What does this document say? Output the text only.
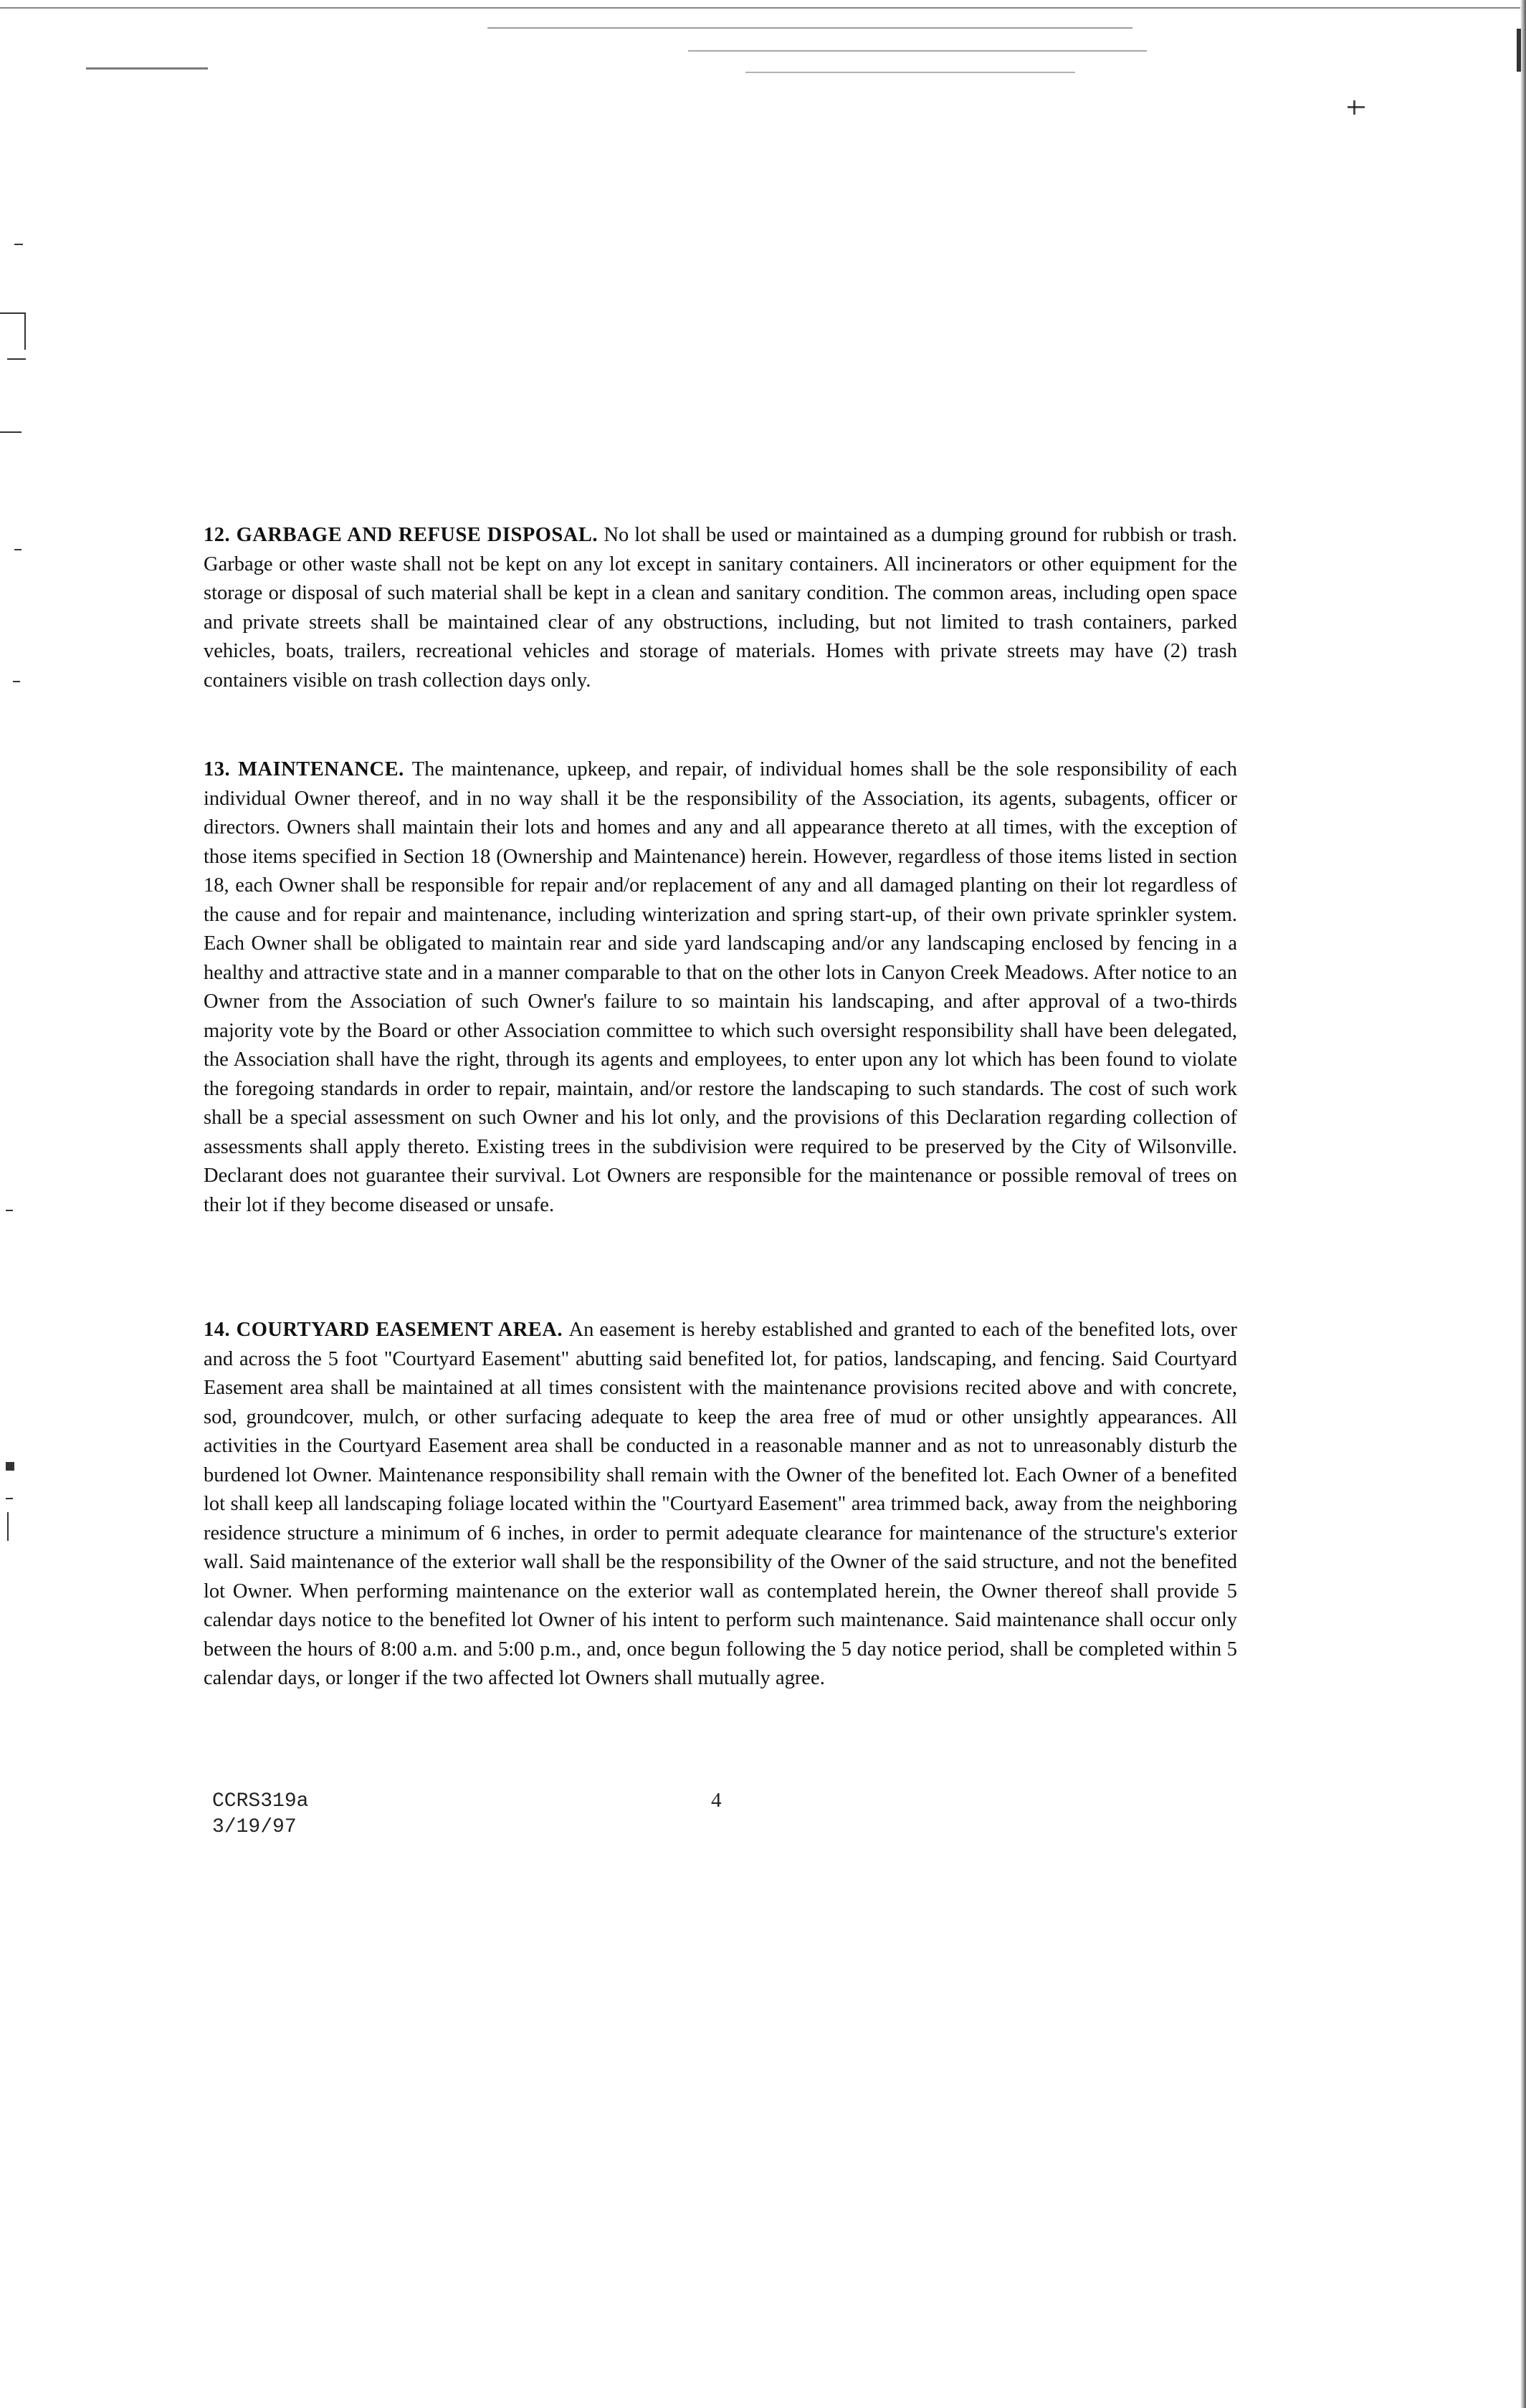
12. GARBAGE AND REFUSE DISPOSAL. No lot shall be used or maintained as a dumping ground for rubbish or trash. Garbage or other waste shall not be kept on any lot except in sanitary containers. All incinerators or other equipment for the storage or disposal of such material shall be kept in a clean and sanitary condition. The common areas, including open space and private streets shall be maintained clear of any obstructions, including, but not limited to trash containers, parked vehicles, boats, trailers, recreational vehicles and storage of materials. Homes with private streets may have (2) trash containers visible on trash collection days only.
13. MAINTENANCE. The maintenance, upkeep, and repair, of individual homes shall be the sole responsibility of each individual Owner thereof, and in no way shall it be the responsibility of the Association, its agents, subagents, officer or directors. Owners shall maintain their lots and homes and any and all appearance thereto at all times, with the exception of those items specified in Section 18 (Ownership and Maintenance) herein. However, regardless of those items listed in section 18, each Owner shall be responsible for repair and/or replacement of any and all damaged planting on their lot regardless of the cause and for repair and maintenance, including winterization and spring start-up, of their own private sprinkler system. Each Owner shall be obligated to maintain rear and side yard landscaping and/or any landscaping enclosed by fencing in a healthy and attractive state and in a manner comparable to that on the other lots in Canyon Creek Meadows. After notice to an Owner from the Association of such Owner's failure to so maintain his landscaping, and after approval of a two-thirds majority vote by the Board or other Association committee to which such oversight responsibility shall have been delegated, the Association shall have the right, through its agents and employees, to enter upon any lot which has been found to violate the foregoing standards in order to repair, maintain, and/or restore the landscaping to such standards. The cost of such work shall be a special assessment on such Owner and his lot only, and the provisions of this Declaration regarding collection of assessments shall apply thereto. Existing trees in the subdivision were required to be preserved by the City of Wilsonville. Declarant does not guarantee their survival. Lot Owners are responsible for the maintenance or possible removal of trees on their lot if they become diseased or unsafe.
14. COURTYARD EASEMENT AREA. An easement is hereby established and granted to each of the benefited lots, over and across the 5 foot "Courtyard Easement" abutting said benefited lot, for patios, landscaping, and fencing. Said Courtyard Easement area shall be maintained at all times consistent with the maintenance provisions recited above and with concrete, sod, groundcover, mulch, or other surfacing adequate to keep the area free of mud or other unsightly appearances. All activities in the Courtyard Easement area shall be conducted in a reasonable manner and as not to unreasonably disturb the burdened lot Owner. Maintenance responsibility shall remain with the Owner of the benefited lot. Each Owner of a benefited lot shall keep all landscaping foliage located within the "Courtyard Easement" area trimmed back, away from the neighboring residence structure a minimum of 6 inches, in order to permit adequate clearance for maintenance of the structure's exterior wall. Said maintenance of the exterior wall shall be the responsibility of the Owner of the said structure, and not the benefited lot Owner. When performing maintenance on the exterior wall as contemplated herein, the Owner thereof shall provide 5 calendar days notice to the benefited lot Owner of his intent to perform such maintenance. Said maintenance shall occur only between the hours of 8:00 a.m. and 5:00 p.m., and, once begun following the 5 day notice period, shall be completed within 5 calendar days, or longer if the two affected lot Owners shall mutually agree.
CCRS319a
3/19/97
4
